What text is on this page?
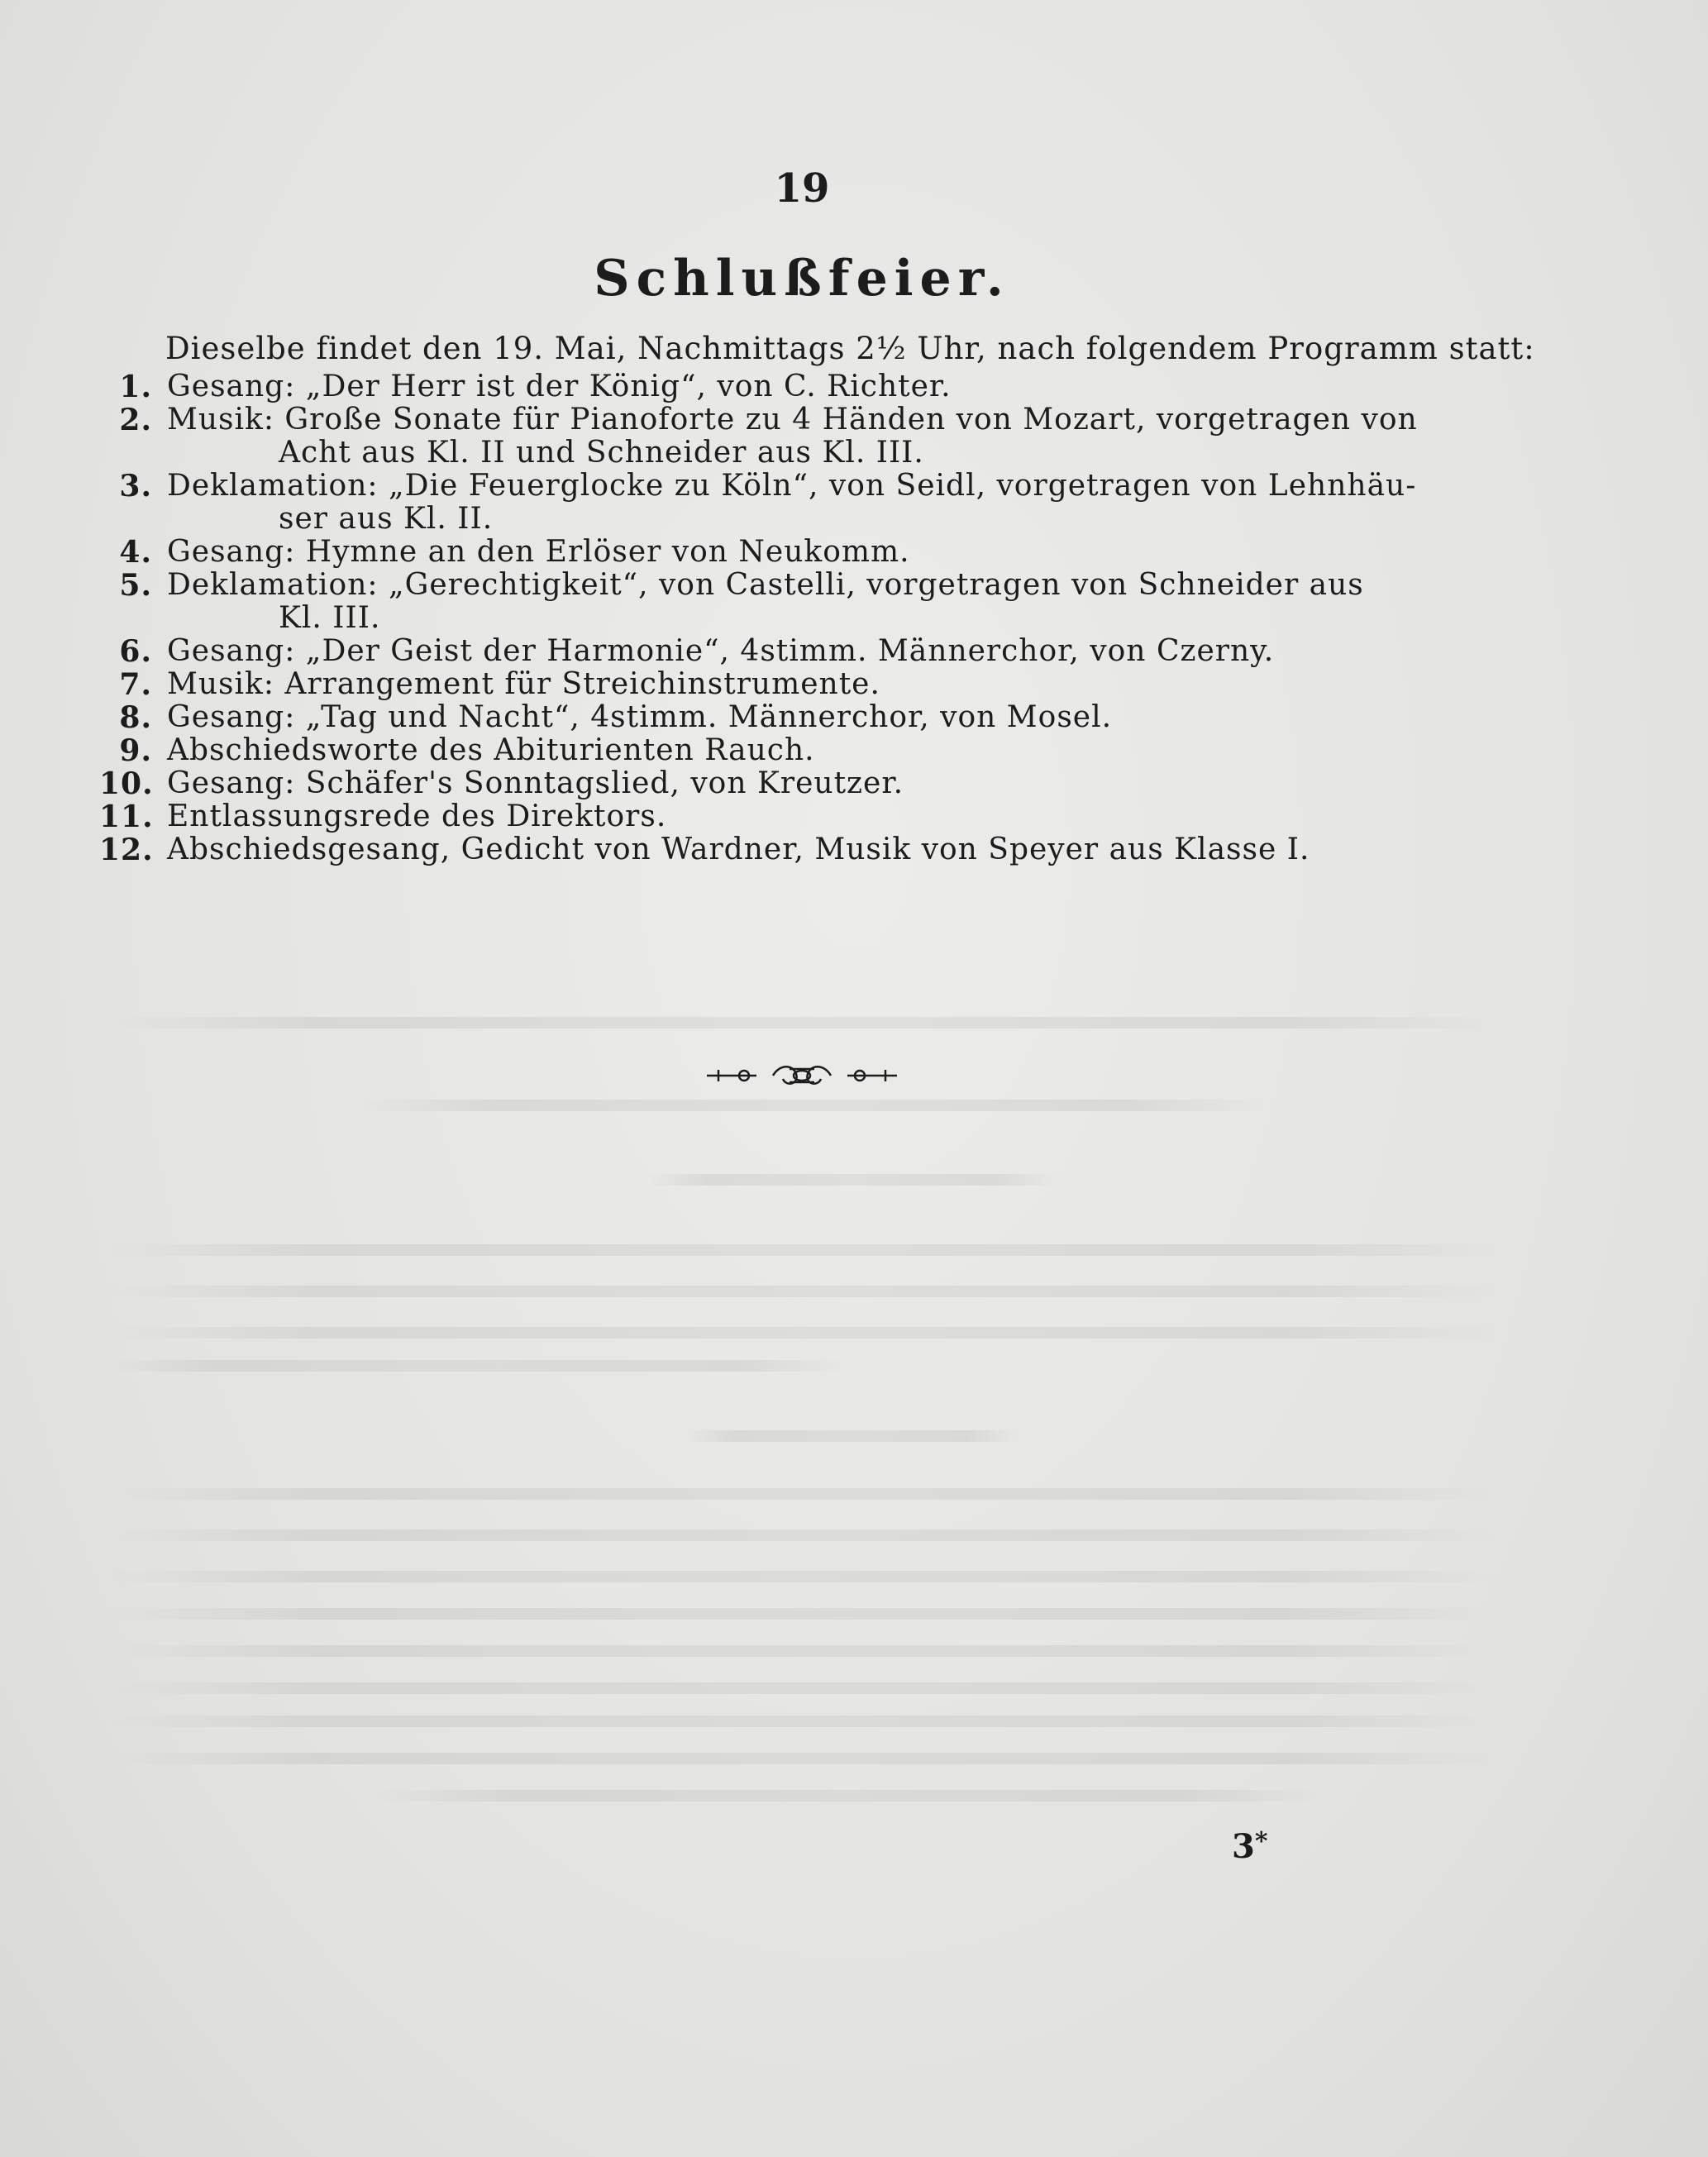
19
Schlußfeier.
Dieselbe findet den 19. Mai, Nachmittags 2½ Uhr, nach folgendem Programm statt:
1. Gesang: „Der Herr ist der König“, von C. Richter.
2. Musik: Große Sonate für Pianoforte zu 4 Händen von Mozart, vorgetragen von
Acht aus Kl. II und Schneider aus Kl. III.
3. Deklamation: „Die Feuerglocke zu Köln“, von Seidl, vorgetragen von Lehnhäu-
ser aus Kl. II.
4. Gesang: Hymne an den Erlöser von Neukomm.
5. Deklamation: „Gerechtigkeit“, von Castelli, vorgetragen von Schneider aus
Kl. III.
6. Gesang: „Der Geist der Harmonie“, 4stimm. Männerchor, von Czerny.
7. Musik: Arrangement für Streichinstrumente.
8. Gesang: „Tag und Nacht“, 4stimm. Männerchor, von Mosel.
9. Abschiedsworte des Abiturienten Rauch.
10. Gesang: Schäfer's Sonntagslied, von Kreutzer.
11. Entlassungsrede des Direktors.
12. Abschiedsgesang, Gedicht von Wardner, Musik von Speyer aus Klasse I.
3*
